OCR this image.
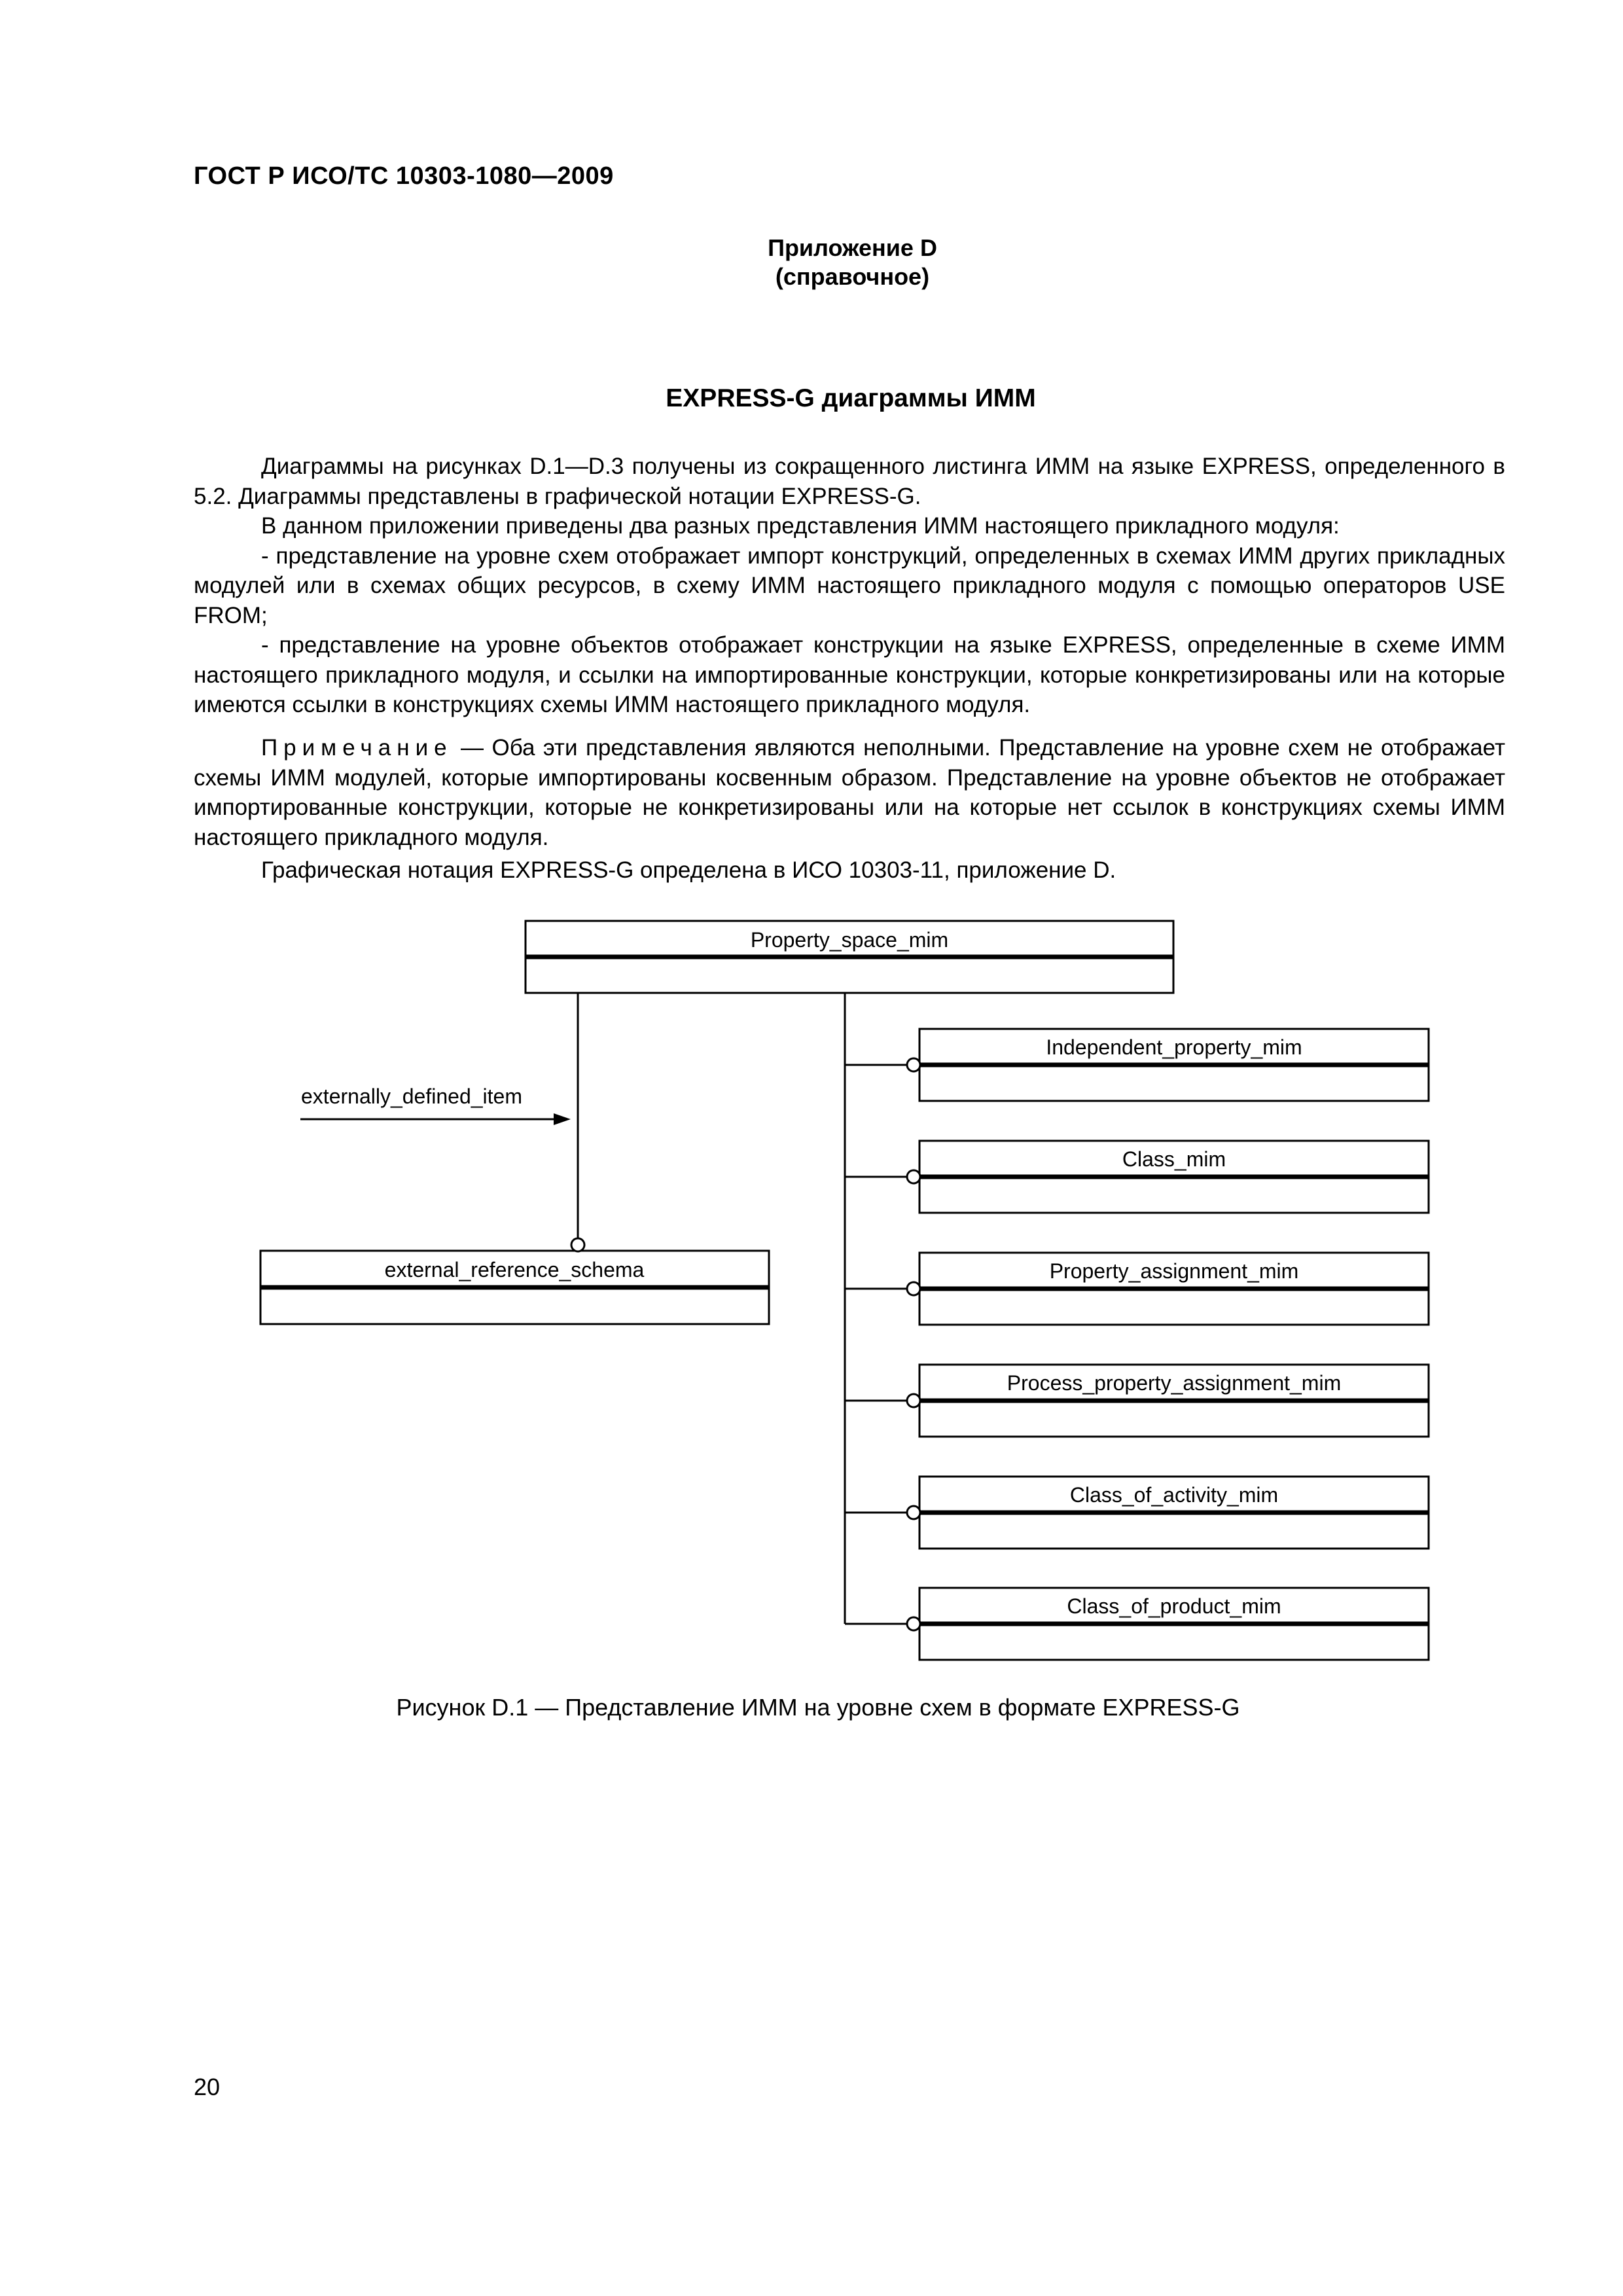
ГОСТ Р ИСО/ТС 10303-1080—2009
Приложение D
(справочное)
EXPRESS-G диаграммы ИММ

Диаграммы на рисунках D.1—D.3 получены из сокращенного листинга ИММ на языке EXPRESS, определенного в 5.2. Диаграммы представлены в графической нотации EXPRESS-G.

В данном приложении приведены два разных представления ИММ настоящего прикладного модуля:

- представление на уровне схем отображает импорт конструкций, определенных в схемах ИММ других прикладных модулей или в схемах общих ресурсов, в схему ИММ настоящего прикладного модуля с помощью операторов USE FROM;

- представление на уровне объектов отображает конструкции на языке EXPRESS, определенные в схеме ИММ настоящего прикладного модуля, и ссылки на импортированные конструкции, которые конкретизированы или на которые имеются ссылки в конструкциях схемы ИММ настоящего прикладного модуля.

Примечание — Оба эти представления являются неполными. Представление на уровне схем не отображает схемы ИММ модулей, которые импортированы косвенным образом. Представление на уровне объектов не отображает импортированные конструкции, которые не конкретизированы или на которые нет ссылок в конструкциях схемы ИММ настоящего прикладного модуля.

Графическая нотация EXPRESS-G определена в ИСО 10303-11, приложение D.

Property_space_mim
external_reference_schema
Independent_property_mim
Class_mim
Property_assignment_mim
Process_property_assignment_mim
Class_of_activity_mim
Class_of_product_mim
externally_defined_item
Рисунок D.1 — Представление ИММ на уровне схем в формате EXPRESS-G
20
